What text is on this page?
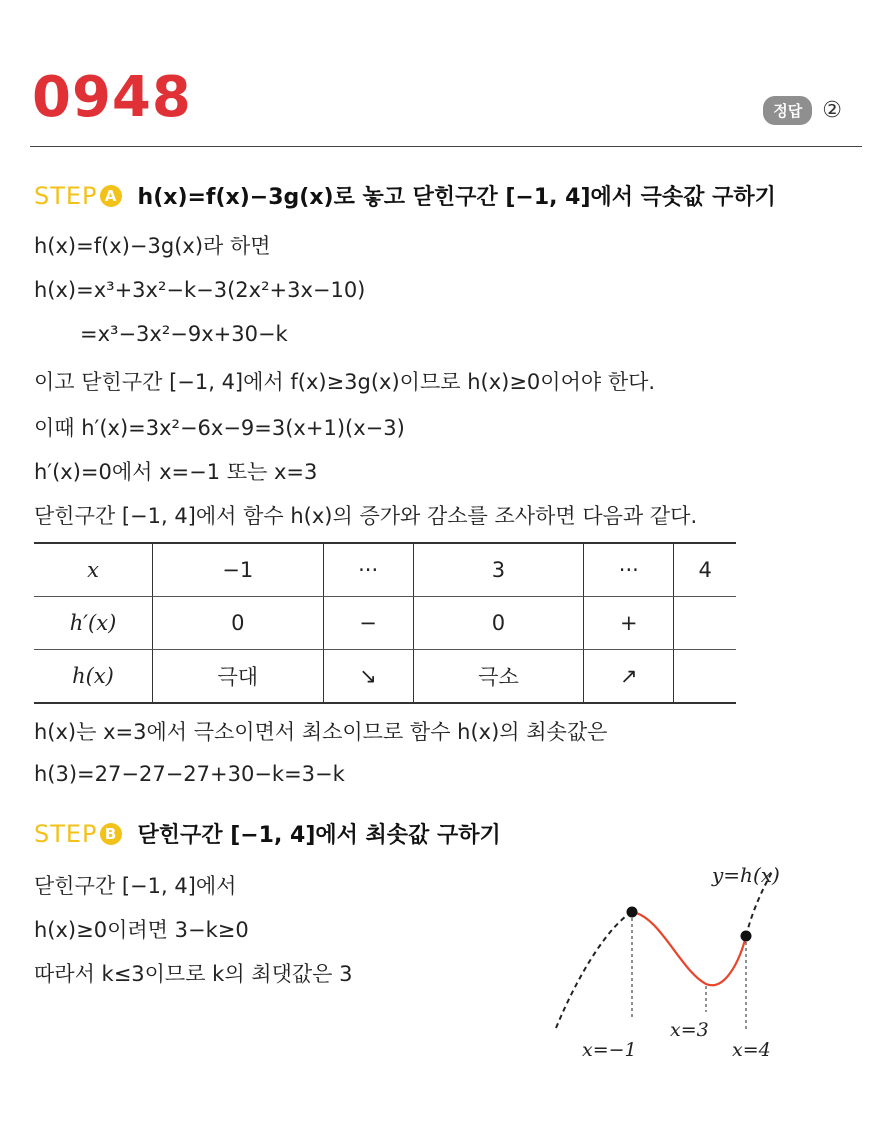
0948	정답 ②
STEP A h(x)=f(x)−3g(x)로 놓고 닫힌구간 [−1, 4]에서 극솟값 구하기
h(x)=f(x)−3g(x)라 하면
h(x)=x³+3x²−k−3(2x²+3x−10)
=x³−3x²−9x+30−k
이고 닫힌구간 [−1, 4]에서 f(x)≥3g(x)이므로 h(x)≥0이어야 한다.
이때 h′(x)=3x²−6x−9=3(x+1)(x−3)
h′(x)=0에서 x=−1 또는 x=3
닫힌구간 [−1, 4]에서 함수 h(x)의 증가와 감소를 조사하면 다음과 같다.
x	−1	···	3	···	4
h′(x)	0	−	0	+	
h(x)	극대	↘	극소	↗	
h(x)는 x=3에서 극소이면서 최소이므로 함수 h(x)의 최솟값은
h(3)=27−27−27+30−k=3−k
STEP B 닫힌구간 [−1, 4]에서 최솟값 구하기
닫힌구간 [−1, 4]에서
h(x)≥0이려면 3−k≥0
따라서 k≤3이므로 k의 최댓값은 3
y=h(x)
x=−1
x=3
x=4
